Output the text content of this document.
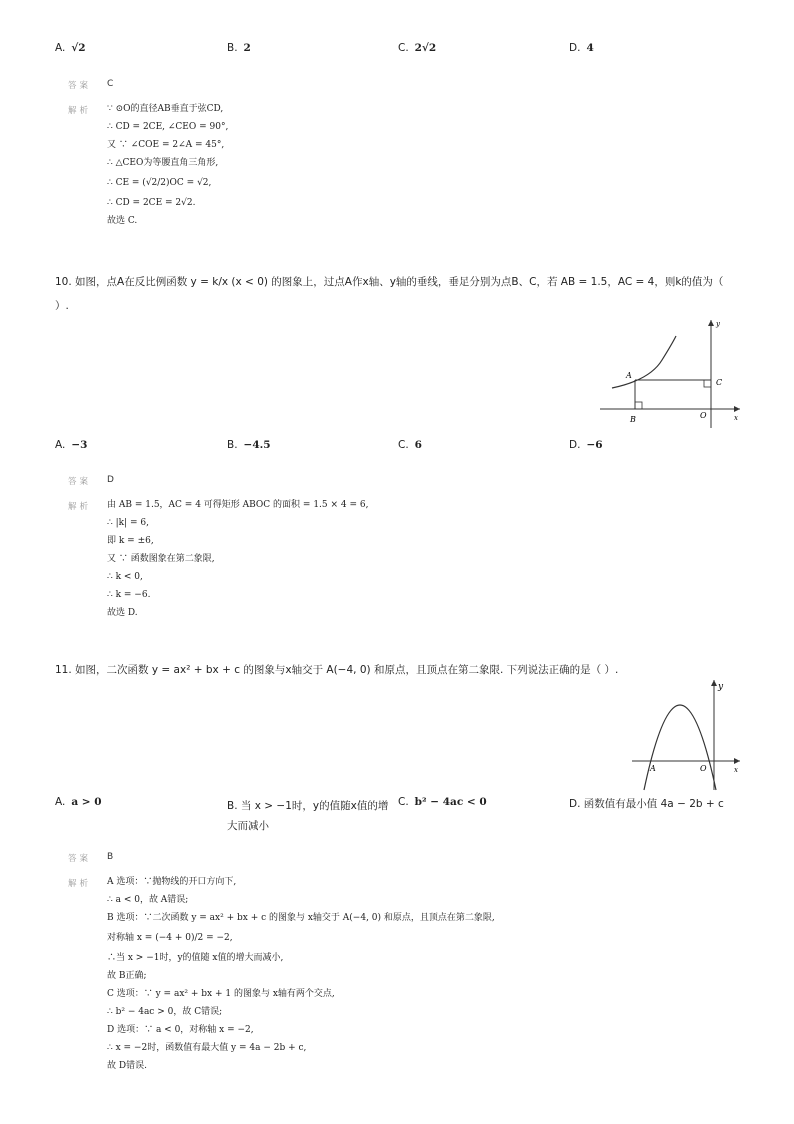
A. √2	B. 2	C. 2√2	D. 4
答案 C
解析 ∵ ⊙O的直径AB垂直于弦CD,
∴ CD = 2CE, ∠CEO = 90°,
又 ∵ ∠COE = 2∠A = 45°,
∴ △CEO为等腰直角三角形,
∴ CE = (√2/2)OC = √2,
∴ CD = 2CE = 2√2.
故选 C.
10. 如图，点A在反比例函数 y = k/x (x < 0) 的图象上，过点A作x轴、y轴的垂线，垂足分别为点B、C，若 AB = 1.5，AC = 4，则k的值为（
）.
A
B
C
O	x
y
A. −3	B. −4.5	C. 6	D. −6
答案 D
解析 由 AB = 1.5，AC = 4 可得矩形 ABOC 的面积 = 1.5 × 4 = 6,
∴ |k| = 6,
即 k = ±6,
又 ∵ 函数图象在第二象限,
∴ k < 0,
∴ k = −6.
故选 D.
11. 如图，二次函数 y = ax² + bx + c 的图象与x轴交于 A(−4, 0) 和原点，且顶点在第二象限. 下列说法正确的是（ ）.
A	O	x
y
A. a > 0	B. 当 x > −1时，y的值随x值的增大而减小
C. b² − 4ac < 0	D. 函数值有最小值 4a − 2b + c
答案 B
解析 A 选项：∵抛物线的开口方向下,
∴ a < 0，故 A错误;
B 选项：∵二次函数 y = ax² + bx + c 的图象与 x轴交于 A(−4, 0) 和原点，且顶点在第二象限,
对称轴 x = (−4 + 0)/2 = −2,
∴当 x > −1时，y的值随 x值的增大而减小,
故 B正确;
C 选项：∵ y = ax² + bx + 1 的图象与 x轴有两个交点,
∴ b² − 4ac > 0，故 C错误;
D 选项：∵ a < 0，对称轴 x = −2,
∴ x = −2时，函数值有最大值 y = 4a − 2b + c,
故 D错误.
